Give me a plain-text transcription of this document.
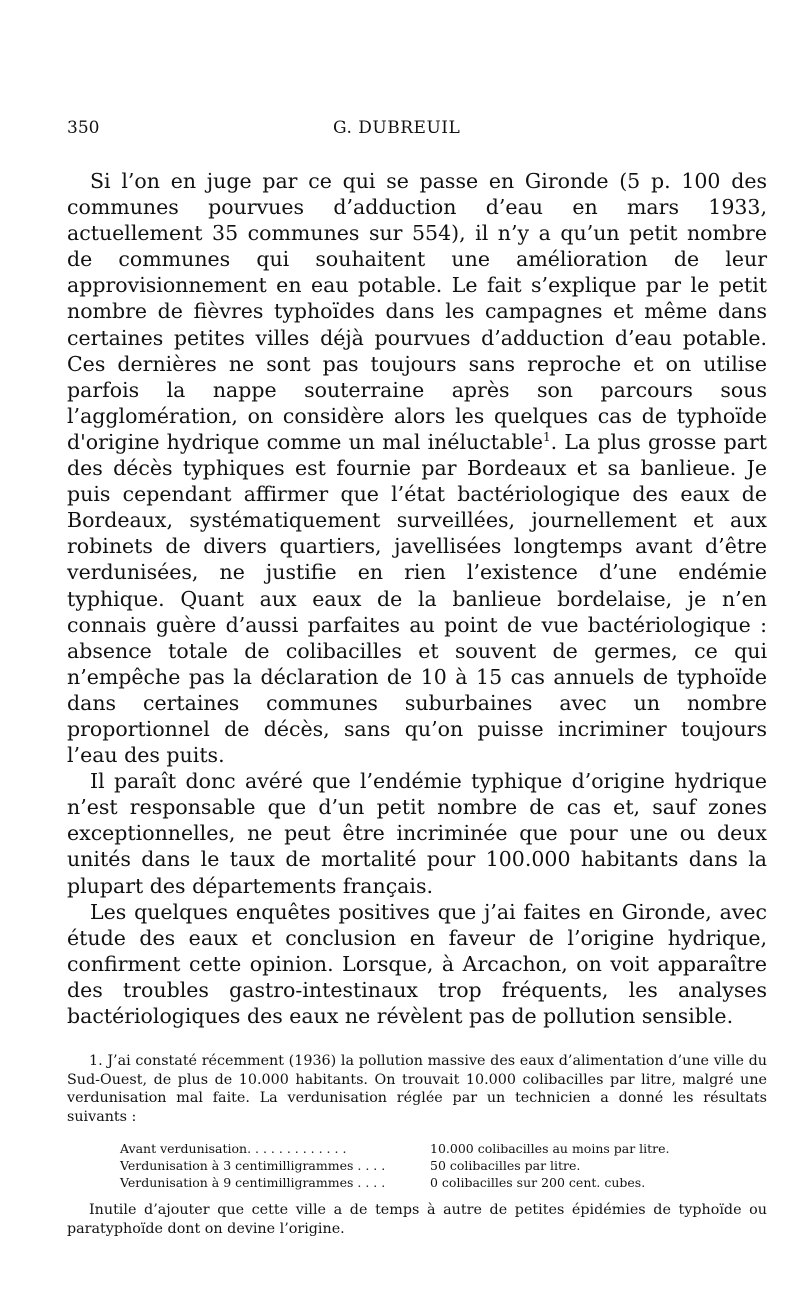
350	G. DUBREUIL

Si l’on en juge par ce qui se passe en Gironde (5 p. 100 des communes pourvues d’adduction d’eau en mars 1933, actuellement 35 communes sur 554), il n’y a qu’un petit nombre de communes qui souhaitent une amélioration de leur approvisionnement en eau potable. Le fait s’explique par le petit nombre de fièvres typhoïdes dans les campagnes et même dans certaines petites villes déjà pourvues d’adduction d’eau potable. Ces dernières ne sont pas toujours sans reproche et on utilise parfois la nappe souterraine après son parcours sous l’agglomération, on considère alors les quelques cas de typhoïde d'origine hydrique comme un mal inéluctable$^1$. La plus grosse part des décès typhiques est fournie par Bordeaux et sa banlieue. Je puis cependant affirmer que l’état bactériologique des eaux de Bordeaux, systématiquement surveillées, journellement et aux robinets de divers quartiers, javellisées longtemps avant d’être verdunisées, ne justifie en rien l’existence d’une endémie typhique. Quant aux eaux de la banlieue bordelaise, je n’en connais guère d’aussi parfaites au point de vue bactériologique : absence totale de colibacilles et souvent de germes, ce qui n’empêche pas la déclaration de 10 à 15 cas annuels de typhoïde dans certaines communes suburbaines avec un nombre proportionnel de décès, sans qu’on puisse incriminer toujours l’eau des puits.

Il paraît donc avéré que l’endémie typhique d’origine hydrique n’est responsable que d’un petit nombre de cas et, sauf zones exceptionnelles, ne peut être incriminée que pour une ou deux unités dans le taux de mortalité pour 100.000 habitants dans la plupart des départements français.

Les quelques enquêtes positives que j’ai faites en Gironde, avec étude des eaux et conclusion en faveur de l’origine hydrique, confirment cette opinion. Lorsque, à Arcachon, on voit apparaître des troubles gastro-intestinaux trop fréquents, les analyses bactériologiques des eaux ne révèlent pas de pollution sensible.

1. J’ai constaté récemment (1936) la pollution massive des eaux d’alimentation d’une ville du Sud-Ouest, de plus de 10.000 habitants. On trouvait 10.000 colibacilles par litre, malgré une verdunisation mal faite. La verdunisation réglée par un technicien a donné les résultats suivants :

Avant verdunisation. . . . . . . . . . . . .	10.000 colibacilles au moins par litre.
Verdunisation à 3 centimilligrammes . . . .	50 colibacilles par litre.
Verdunisation à 9 centimilligrammes . . . .	0 colibacilles sur 200 cent. cubes.

Inutile d’ajouter que cette ville a de temps à autre de petites épidémies de typhoïde ou paratyphoïde dont on devine l’origine.
